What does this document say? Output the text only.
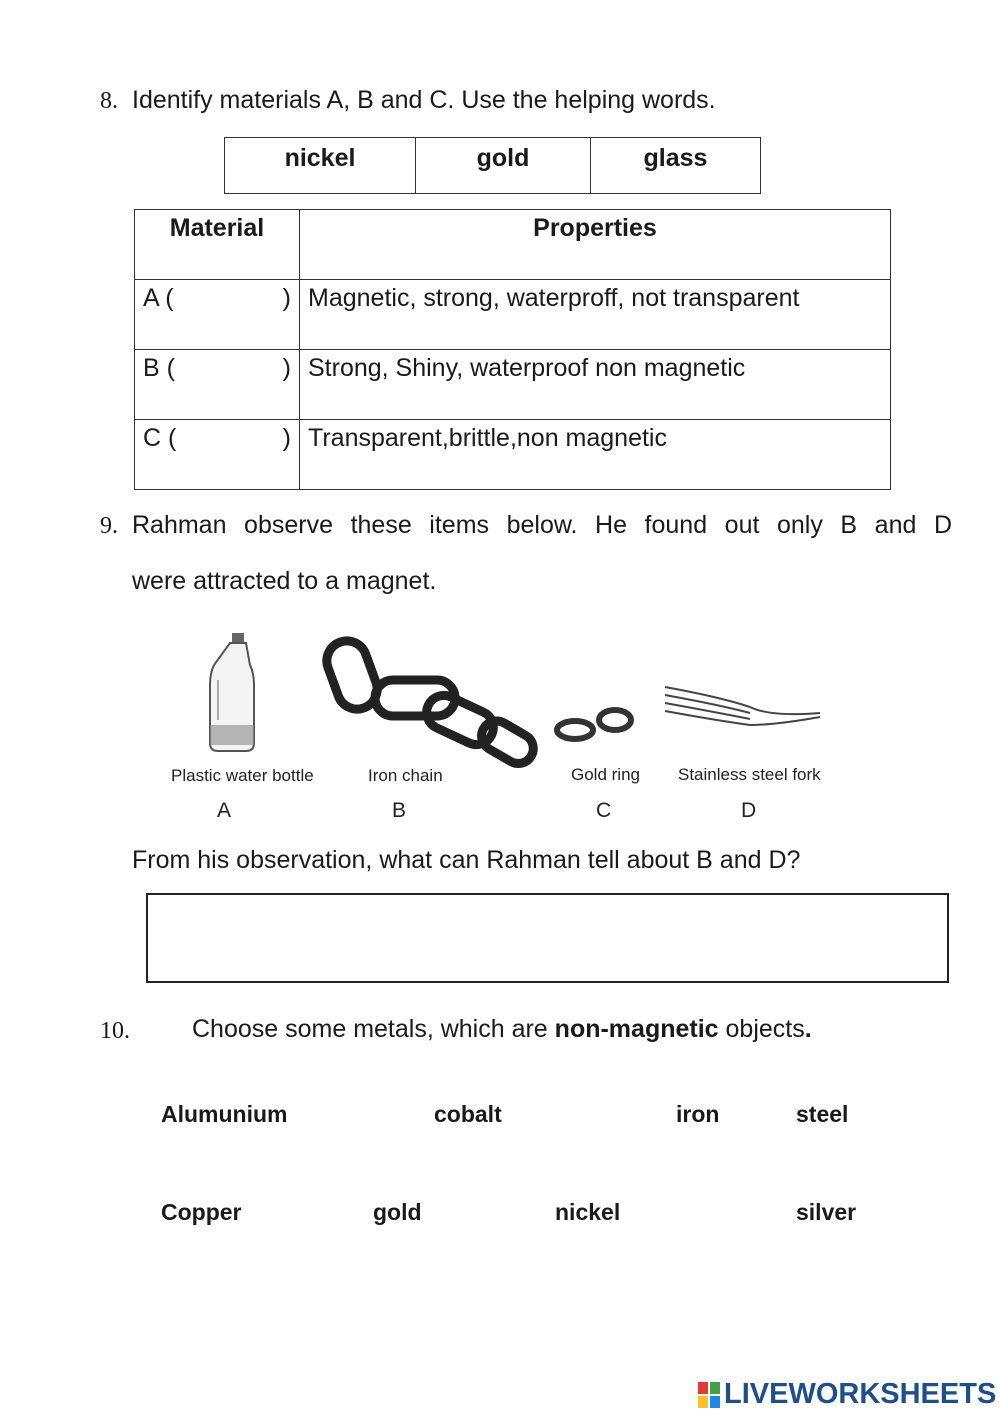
8. Identify materials A, B and C. Use the helping words.
nickel	gold	glass
Material	Properties

A ( )	Magnetic, strong, waterproff, not transparent

B ( )	Strong, Shiny, waterproof non magnetic

C ( )	Transparent,brittle,non magnetic
9. Rahman observe these items below. He found out only B and D
were attracted to a magnet.
Plastic water bottle	Iron chain	Gold ring Stainless steel fork
A	B	C	D
From his observation, what can Rahman tell about B and D?
10. Choose some metals, which are non-magnetic objects.
Alumunium	cobalt	iron	steel
Copper	gold	nickel	silver
LIVEWORKSHEETS
